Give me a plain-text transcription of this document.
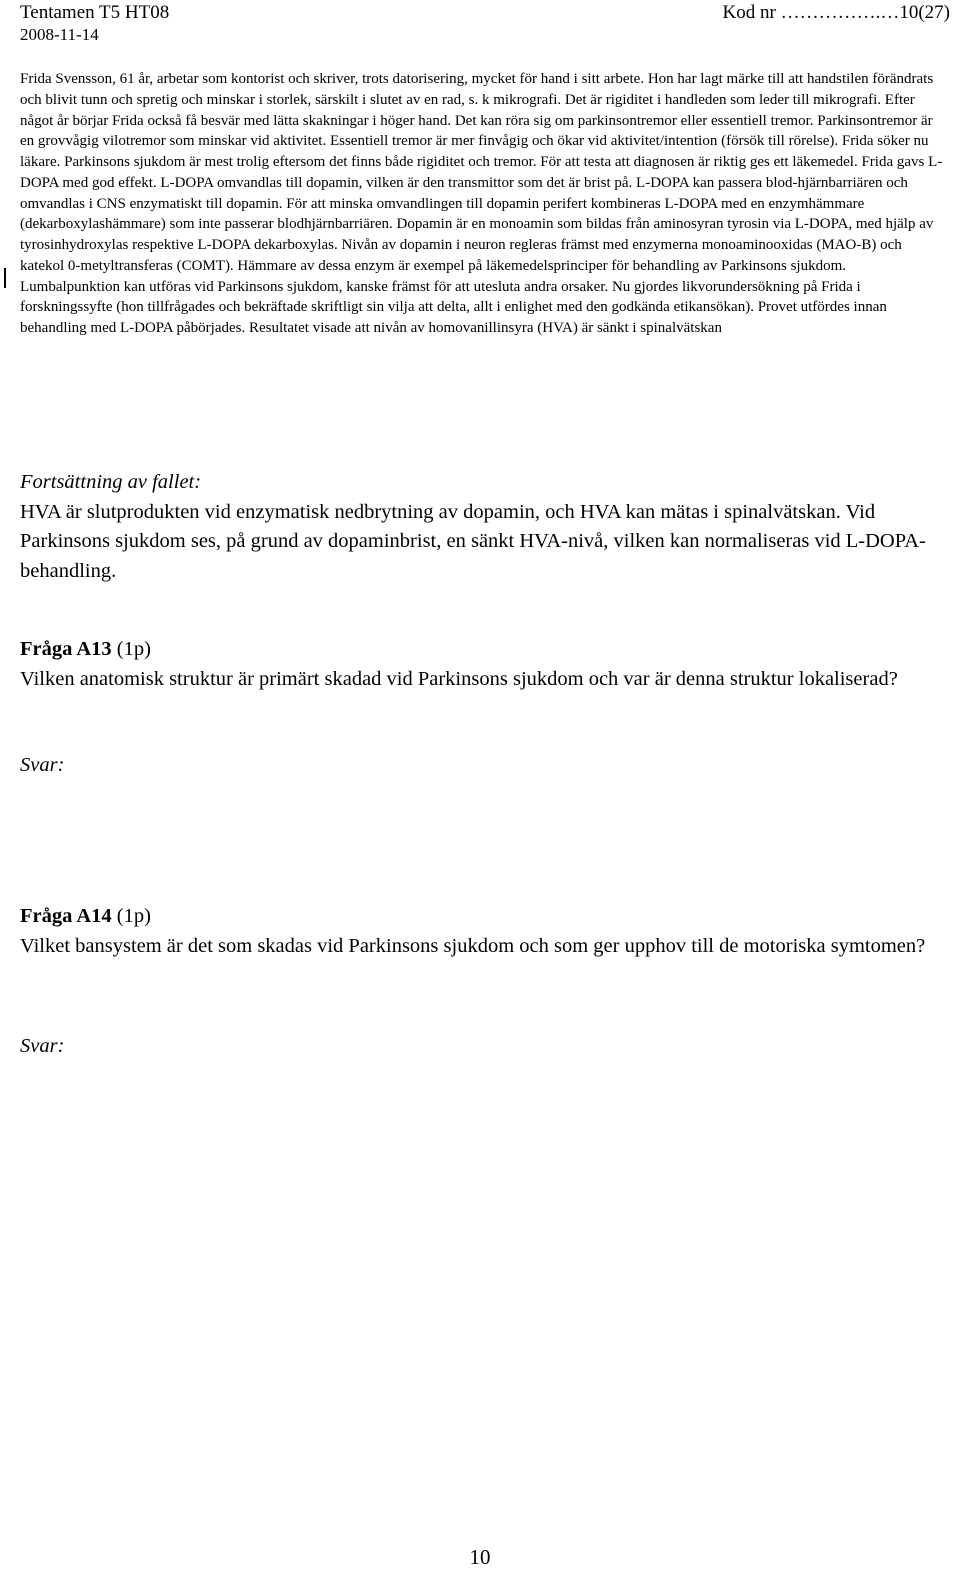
Tentamen T5 HT08	Kod nr …………….…10(27)
2008-11-14

Frida Svensson, 61 år, arbetar som kontorist och skriver, trots datorisering, mycket för hand i sitt arbete. Hon har lagt märke till att handstilen förändrats och blivit tunn och spretig och minskar i storlek, särskilt i slutet av en rad, s. k mikrografi. Det är rigiditet i handleden som leder till mikrografi. Efter något år börjar Frida också få besvär med lätta skakningar i höger hand. Det kan röra sig om parkinsontremor eller essentiell tremor. Parkinsontremor är en grovvågig vilotremor som minskar vid aktivitet. Essentiell tremor är mer finvågig och ökar vid aktivitet/intention (försök till rörelse). Frida söker nu läkare. Parkinsons sjukdom är mest trolig eftersom det finns både rigiditet och tremor. För att testa att diagnosen är riktig ges ett läkemedel. Frida gavs L-DOPA med god effekt. L-DOPA omvandlas till dopamin, vilken är den transmittor som det är brist på. L-DOPA kan passera blod-hjärnbarriären och omvandlas i CNS enzymatiskt till dopamin. För att minska omvandlingen till dopamin perifert kombineras L-DOPA med en enzymhämmare (dekarboxylashämmare) som inte passerar blodhjärnbarriären. Dopamin är en monoamin som bildas från aminosyran tyrosin via L-DOPA, med hjälp av tyrosinhydroxylas respektive L-DOPA dekarboxylas. Nivån av dopamin i neuron regleras främst med enzymerna monoaminooxidas (MAO-B) och katekol 0-metyltransferas (COMT). Hämmare av dessa enzym är exempel på läkemedelsprinciper för behandling av Parkinsons sjukdom. Lumbalpunktion kan utföras vid Parkinsons sjukdom, kanske främst för att utesluta andra orsaker. Nu gjordes likvorundersökning på Frida i forskningssyfte (hon tillfrågades och bekräftade skriftligt sin vilja att delta, allt i enlighet med den godkända etikansökan). Provet utfördes innan behandling med L-DOPA påbörjades. Resultatet visade att nivån av homovanillinsyra (HVA) är sänkt i spinalvätskan

Fortsättning av fallet:
HVA är slutprodukten vid enzymatisk nedbrytning av dopamin, och HVA kan mätas i spinalvätskan. Vid Parkinsons sjukdom ses, på grund av dopaminbrist, en sänkt HVA-nivå, vilken kan normaliseras vid L-DOPA-behandling.
Fråga A13 (1p)
Vilken anatomisk struktur är primärt skadad vid Parkinsons sjukdom och var är denna struktur lokaliserad?
Svar:
Fråga A14 (1p)
Vilket bansystem är det som skadas vid Parkinsons sjukdom och som ger upphov till de motoriska symtomen?
Svar:
10
